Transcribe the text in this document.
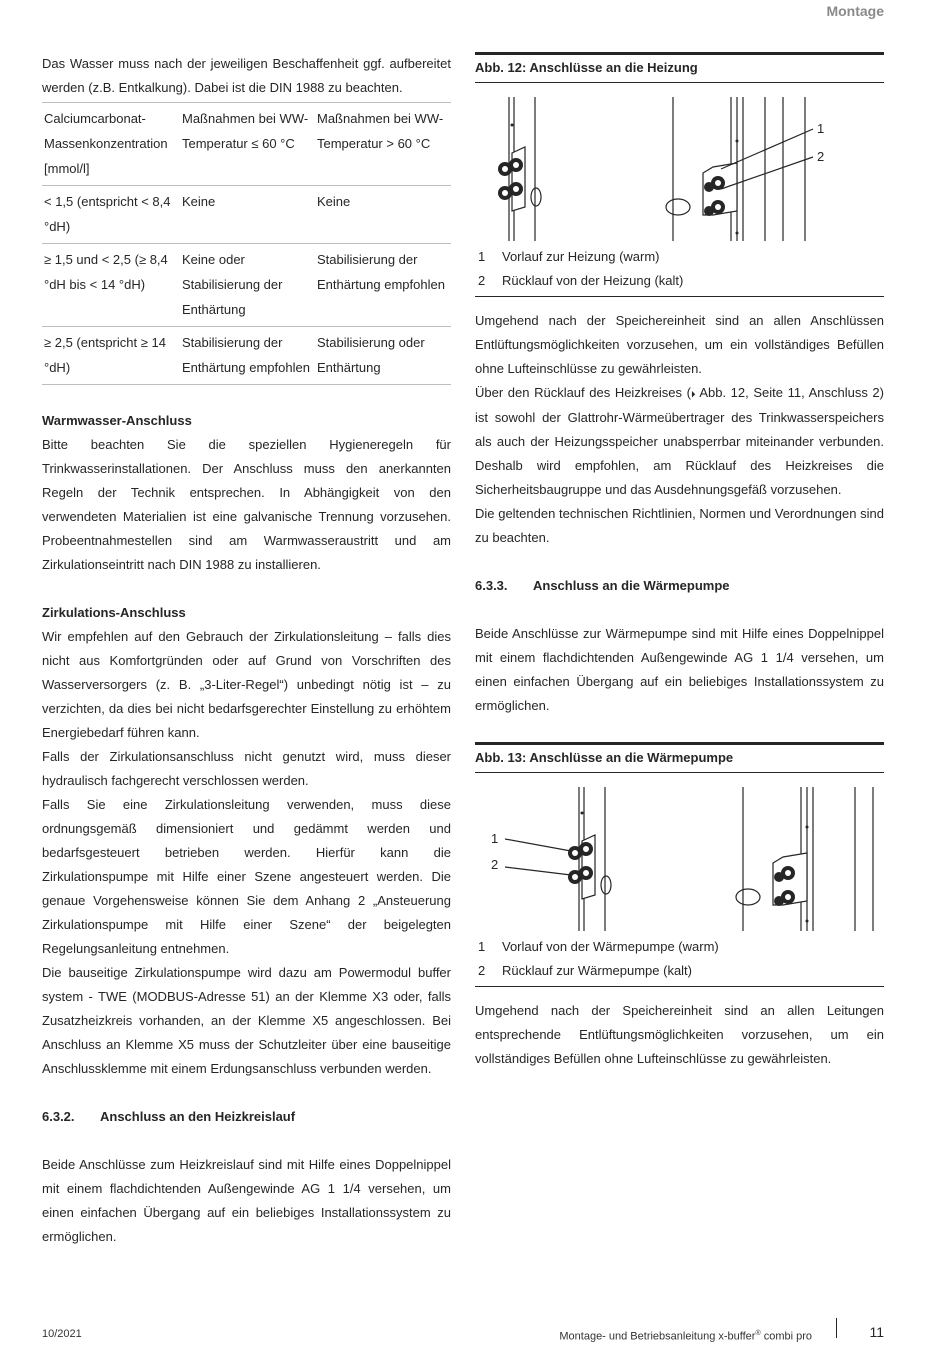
Montage

Das Wasser muss nach der jeweiligen Beschaffenheit ggf. aufbereitet werden (z.B. Entkalkung). Dabei ist die DIN 1988 zu beachten.

Calciumcarbonat-Massenkonzentration [mmol/l]	Maßnahmen bei WW-Temperatur ≤ 60 °C	Maßnahmen bei WW-Temperatur > 60 °C
< 1,5 (entspricht < 8,4 °dH)	Keine	Keine
≥ 1,5 und < 2,5 (≥ 8,4 °dH bis < 14 °dH)	Keine oder Stabilisierung der Enthärtung	Stabilisierung der Enthärtung empfohlen
≥ 2,5 (entspricht ≥ 14 °dH)	Stabilisierung der Enthärtung empfohlen	Stabilisierung oder Enthärtung

Warmwasser-Anschluss

Bitte beachten Sie die speziellen Hygieneregeln für Trinkwasserinstallationen. Der Anschluss muss den anerkannten Regeln der Technik entsprechen. In Abhängigkeit von den verwendeten Materialien ist eine galvanische Trennung vorzusehen. Probeentnahmestellen sind am Warmwasseraustritt und am Zirkulationseintritt nach DIN 1988 zu installieren.

Zirkulations-Anschluss

Wir empfehlen auf den Gebrauch der Zirkulationsleitung – falls dies nicht aus Komfortgründen oder auf Grund von Vorschriften des Wasserversorgers (z. B. „3-Liter-Regel“) unbedingt nötig ist – zu verzichten, da dies bei nicht bedarfsgerechter Einstellung zu erhöhtem Energiebedarf führen kann.

Falls der Zirkulationsanschluss nicht genutzt wird, muss dieser hydraulisch fachgerecht verschlossen werden.

Falls Sie eine Zirkulationsleitung verwenden, muss diese ordnungsgemäß dimensioniert und gedämmt werden und bedarfsgesteuert betrieben werden. Hierfür kann die Zirkulationspumpe mit Hilfe einer Szene angesteuert werden. Die genaue Vorgehensweise können Sie dem Anhang 2 „Ansteuerung Zirkulationspumpe mit Hilfe einer Szene“ der beigelegten Regelungsanleitung entnehmen.

Die bauseitige Zirkulationspumpe wird dazu am Powermodul buffer system - TWE (MODBUS-Adresse 51) an der Klemme X3 oder, falls Zusatzheizkreis vorhanden, an der Klemme X5 angeschlossen. Bei Anschluss an Klemme X5 muss der Schutzleiter über eine bauseitige Anschlussklemme mit einem Erdungsanschluss verbunden werden.

6.3.2.	Anschluss an den Heizkreislauf

Beide Anschlüsse zum Heizkreislauf sind mit Hilfe eines Doppelnippel mit einem flachdichtenden Außengewinde AG 1 1/4 versehen, um einen einfachen Übergang auf ein beliebiges Installationssystem zu ermöglichen.

Abb. 12: Anschlüsse an die Heizung
1
2
1	Vorlauf zur Heizung (warm)
2	Rücklauf von der Heizung (kalt)

Umgehend nach der Speichereinheit sind an allen Anschlüssen Entlüftungsmöglichkeiten vorzusehen, um ein vollständiges Befüllen ohne Lufteinschlüsse zu gewährleisten.

Über den Rücklauf des Heizkreises (⏵ Abb. 12, Seite 11, Anschluss 2) ist sowohl der Glattrohr-Wärmeübertrager des Trinkwasserspeichers als auch der Heizungsspeicher unabsperrbar miteinander verbunden. Deshalb wird empfohlen, am Rücklauf des Heizkreises die Sicherheitsbaugruppe und das Ausdehnungsgefäß vorzusehen.

Die geltenden technischen Richtlinien, Normen und Verordnungen sind zu beachten.

6.3.3.	Anschluss an die Wärmepumpe

Beide Anschlüsse zur Wärmepumpe sind mit Hilfe eines Doppelnippel mit einem flachdichtenden Außengewinde AG 1 1/4 versehen, um einen einfachen Übergang auf ein beliebiges Installationssystem zu ermöglichen.

Abb. 13: Anschlüsse an die Wärmepumpe
1
2
1	Vorlauf von der Wärmepumpe (warm)
2	Rücklauf zur Wärmepumpe (kalt)

Umgehend nach der Speichereinheit sind an allen Leitungen entsprechende Entlüftungsmöglichkeiten vorzusehen, um ein vollständiges Befüllen ohne Lufteinschlüsse zu gewährleisten.

10/2021	Montage- und Betriebsanleitung x-buffer® combi pro	11
